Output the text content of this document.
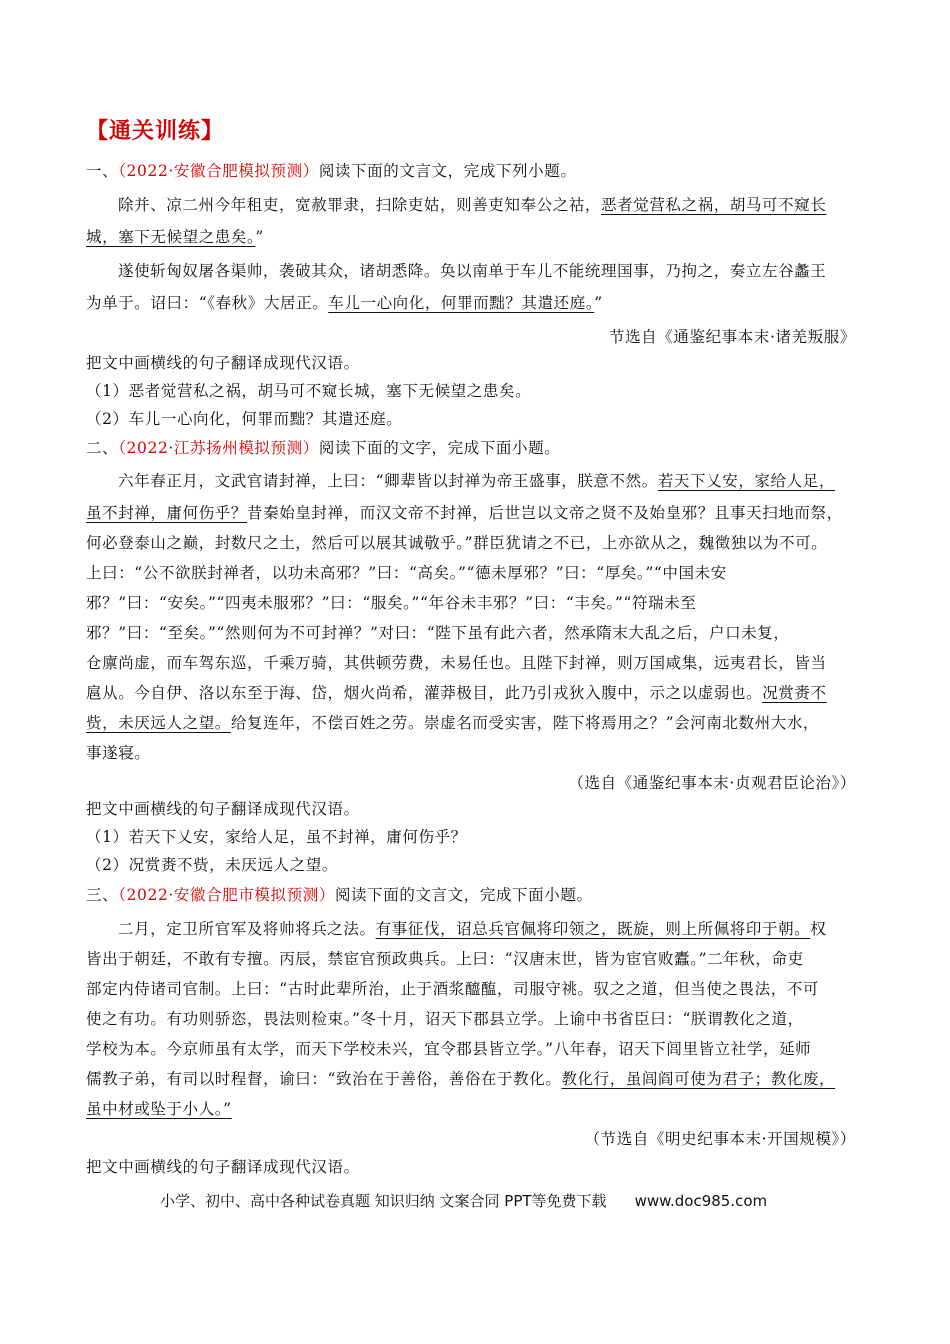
【通关训练】
一、（2022·安徽合肥模拟预测）阅读下面的文言文，完成下列小题。
除并、凉二州今年租吏，宽赦罪隶，扫除吏姑，则善吏知奉公之祜，恶者觉营私之祸，胡马可不窥长
城，塞下无候望之患矣。”
遂使斩匈奴屠各渠帅，袭破其众，诸胡悉降。奂以南单于车儿不能统理国事，乃拘之，奏立左谷蠡王
为单于。诏曰：“《春秋》大居正。车儿一心向化，何罪而黜？其遣还庭。”
节选自《通鉴纪事本末·诸羌叛服》
把文中画横线的句子翻译成现代汉语。
（1）恶者觉营私之祸，胡马可不窥长城，塞下无候望之患矣。
（2）车儿一心向化，何罪而黜？其遣还庭。
二、（2022·江苏扬州模拟预测）阅读下面的文字，完成下面小题。
六年春正月，文武官请封禅，上曰：“卿辈皆以封禅为帝王盛事，朕意不然。若天下乂安，家给人足，
虽不封禅，庸何伤乎？昔秦始皇封禅，而汉文帝不封禅，后世岂以文帝之贤不及始皇邪？且事天扫地而祭，
何必登泰山之巅，封数尺之土，然后可以展其诚敬乎。”群臣犹请之不已，上亦欲从之，魏徵独以为不可。
上曰：“公不欲朕封禅者，以功未高邪？”曰：“高矣。”“德未厚邪？”曰：“厚矣。”“中国未安
邪？”曰：“安矣。”“四夷未服邪？”曰：“服矣。”“年谷未丰邪？”曰：“丰矣。”“符瑞未至
邪？”曰：“至矣。”“然则何为不可封禅？”对曰：“陛下虽有此六者，然承隋末大乱之后，户口未复，
仓廪尚虚，而车驾东巡，千乘万骑，其供顿劳费，未易任也。且陛下封禅，则万国咸集，远夷君长，皆当
扈从。今自伊、洛以东至于海、岱，烟火尚希，灌莽极目，此乃引戎狄入腹中，示之以虚弱也。况赏赉不
赀，未厌远人之望。给复连年，不偿百姓之劳。崇虚名而受实害，陛下将焉用之？”会河南北数州大水，
事遂寝。
（选自《通鉴纪事本末·贞观君臣论治》）
把文中画横线的句子翻译成现代汉语。
（1）若天下乂安，家给人足，虽不封禅，庸何伤乎？
（2）况赏赉不赀，未厌远人之望。
三、（2022·安徽合肥市模拟预测）阅读下面的文言文，完成下面小题。
二月，定卫所官军及将帅将兵之法。有事征伐，诏总兵官佩将印领之，既旋，则上所佩将印于朝。权
皆出于朝廷，不敢有专擅。丙辰，禁宦官预政典兵。上曰：“汉唐末世，皆为宦官败蠹。”二年秋，命吏
部定内侍诸司官制。上曰：“古时此辈所治，止于酒浆醯醢，司服守祧。驭之之道，但当使之畏法，不可
使之有功。有功则骄恣，畏法则检束。”冬十月，诏天下郡县立学。上谕中书省臣曰：“朕谓教化之道，
学校为本。今京师虽有太学，而天下学校未兴，宜令郡县皆立学。”八年春，诏天下闾里皆立社学，延师
儒教子弟，有司以时程督，谕曰：“致治在于善俗，善俗在于教化。教化行，虽闾阎可使为君子；教化废，
虽中材或坠于小人。”
（节选自《明史纪事本末·开国规模》）
把文中画横线的句子翻译成现代汉语。
小学、初中、高中各种试卷真题 知识归纳 文案合同 PPT等免费下载 www.doc985.com
